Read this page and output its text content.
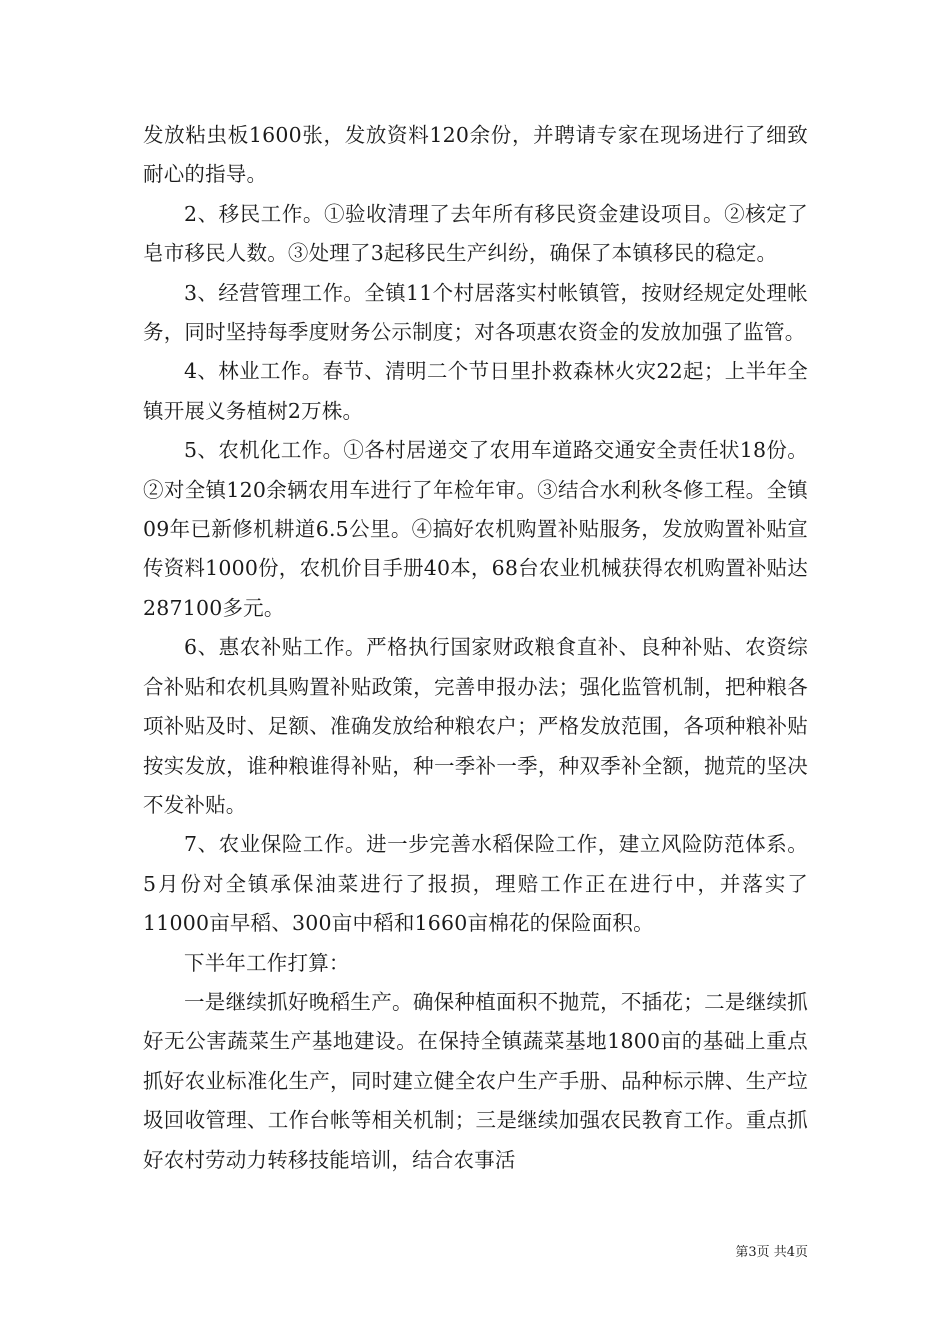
发放粘虫板1600张，发放资料120余份，并聘请专家在现场进行了细致耐心的指导。

2、移民工作。①验收清理了去年所有移民资金建设项目。②核定了皂市移民人数。③处理了3起移民生产纠纷，确保了本镇移民的稳定。

3、经营管理工作。全镇11个村居落实村帐镇管，按财经规定处理帐务，同时坚持每季度财务公示制度；对各项惠农资金的发放加强了监管。

4、林业工作。春节、清明二个节日里扑救森林火灾22起；上半年全镇开展义务植树2万株。

5、农机化工作。①各村居递交了农用车道路交通安全责任状18份。②对全镇120余辆农用车进行了年检年审。③结合水利秋冬修工程。全镇09年已新修机耕道6.5公里。④搞好农机购置补贴服务，发放购置补贴宣传资料1000份，农机价目手册40本，68台农业机械获得农机购置补贴达287100多元。

6、惠农补贴工作。严格执行国家财政粮食直补、良种补贴、农资综合补贴和农机具购置补贴政策，完善申报办法；强化监管机制，把种粮各项补贴及时、足额、准确发放给种粮农户；严格发放范围，各项种粮补贴按实发放，谁种粮谁得补贴，种一季补一季，种双季补全额，抛荒的坚决不发补贴。

7、农业保险工作。进一步完善水稻保险工作，建立风险防范体系。5月份对全镇承保油菜进行了报损，理赔工作正在进行中，并落实了11000亩早稻、300亩中稻和1660亩棉花的保险面积。

下半年工作打算：

一是继续抓好晚稻生产。确保种植面积不抛荒，不插花；二是继续抓好无公害蔬菜生产基地建设。在保持全镇蔬菜基地1800亩的基础上重点抓好农业标准化生产，同时建立健全农户生产手册、品种标示牌、生产垃圾回收管理、工作台帐等相关机制；三是继续加强农民教育工作。重点抓好农村劳动力转移技能培训，结合农事活

第3页 共4页
